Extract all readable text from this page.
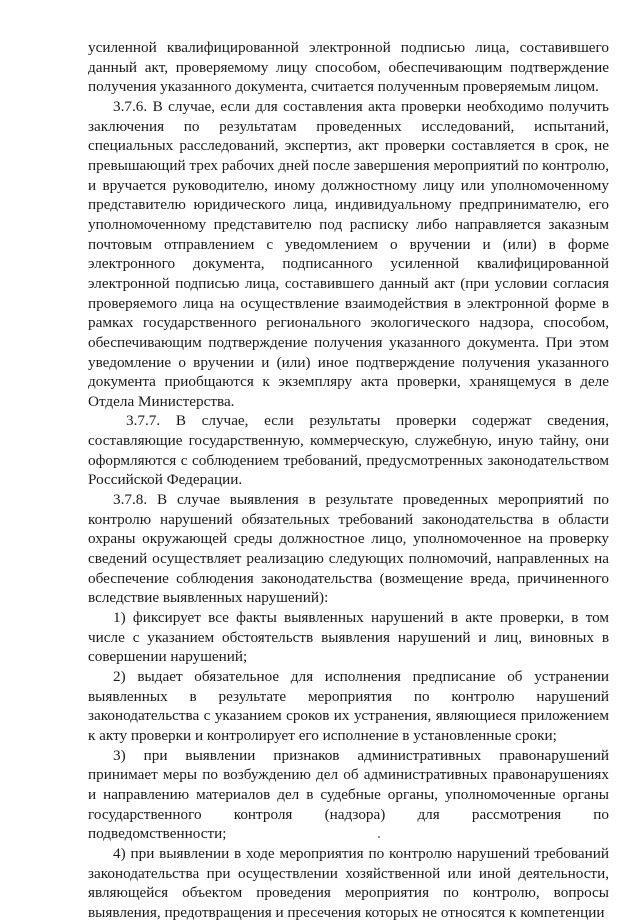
усиленной квалифицированной электронной подписью лица, составившего данный акт, проверяемому лицу способом, обеспечивающим подтверждение получения указанного документа, считается полученным проверяемым лицом.

3.7.6. В случае, если для составления акта проверки необходимо получить заключения по результатам проведенных исследований, испытаний, специальных расследований, экспертиз, акт проверки составляется в срок, не превышающий трех рабочих дней после завершения мероприятий по контролю, и вручается руководителю, иному должностному лицу или уполномоченному представителю юридического лица, индивидуальному предпринимателю, его уполномоченному представителю под расписку либо направляется заказным почтовым отправлением с уведомлением о вручении и (или) в форме электронного документа, подписанного усиленной квалифицированной электронной подписью лица, составившего данный акт (при условии согласия проверяемого лица на осуществление взаимодействия в электронной форме в рамках государственного регионального экологического надзора, способом, обеспечивающим подтверждение получения указанного документа. При этом уведомление о вручении и (или) иное подтверждение получения указанного документа приобщаются к экземпляру акта проверки, хранящемуся в деле Отдела Министерства.

3.7.7. В случае, если результаты проверки содержат сведения, составляющие государственную, коммерческую, служебную, иную тайну, они оформляются с соблюдением требований, предусмотренных законодательством Российской Федерации.

3.7.8. В случае выявления в результате проведенных мероприятий по контролю нарушений обязательных требований законодательства в области охраны окружающей среды должностное лицо, уполномоченное на проверку сведений осуществляет реализацию следующих полномочий, направленных на обеспечение соблюдения законодательства (возмещение вреда, причиненного вследствие выявленных нарушений):

1) фиксирует все факты выявленных нарушений в акте проверки, в том числе с указанием обстоятельств выявления нарушений и лиц, виновных в совершении нарушений;

2) выдает обязательное для исполнения предписание об устранении выявленных в результате мероприятия по контролю нарушений законодательства с указанием сроков их устранения, являющиеся приложением к акту проверки и контролирует его исполнение в установленные сроки;

3) при выявлении признаков административных правонарушений принимает меры по возбуждению дел об административных правонарушениях и направлению материалов дел в судебные органы, уполномоченные органы государственного контроля (надзора) для рассмотрения по подведомственности;

4) при выявлении в ходе мероприятия по контролю нарушений требований законодательства при осуществлении хозяйственной или иной деятельности, являющейся объектом проведения мероприятия по контролю, вопросы выявления, предотвращения и пресечения которых не относятся к компетенции
